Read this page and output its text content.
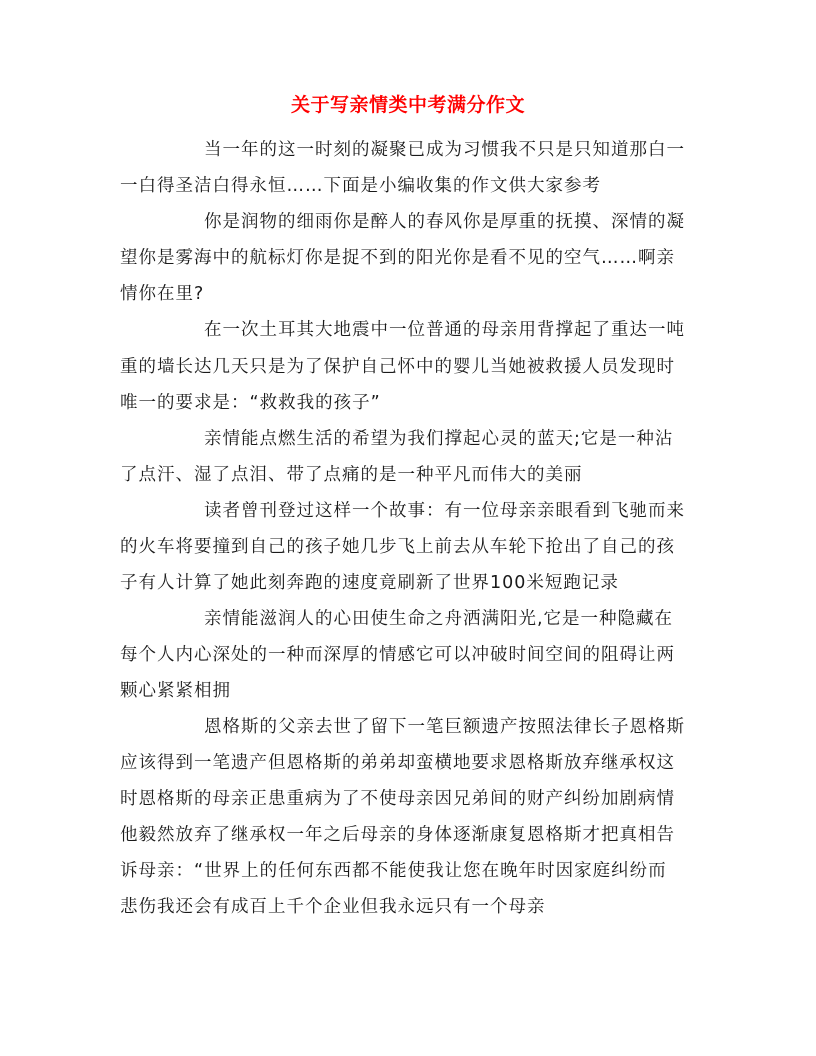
关于写亲情类中考满分作文

当一年的这一时刻的凝聚已成为习惯我不只是只知道那白一

一白得圣洁白得永恒……下面是小编收集的作文供大家参考

你是润物的细雨你是醉人的春风你是厚重的抚摸、深情的凝

望你是雾海中的航标灯你是捉不到的阳光你是看不见的空气……啊亲

情你在里?

在一次土耳其大地震中一位普通的母亲用背撑起了重达一吨

重的墙长达几天只是为了保护自己怀中的婴儿当她被救援人员发现时

唯一的要求是：“救救我的孩子”

亲情能点燃生活的希望为我们撑起心灵的蓝天;它是一种沾

了点汗、湿了点泪、带了点痛的是一种平凡而伟大的美丽

读者曾刊登过这样一个故事：有一位母亲亲眼看到飞驰而来

的火车将要撞到自己的孩子她几步飞上前去从车轮下抢出了自己的孩

子有人计算了她此刻奔跑的速度竟刷新了世界100米短跑记录

亲情能滋润人的心田使生命之舟洒满阳光,它是一种隐藏在

每个人内心深处的一种而深厚的情感它可以冲破时间空间的阻碍让两

颗心紧紧相拥

恩格斯的父亲去世了留下一笔巨额遗产按照法律长子恩格斯

应该得到一笔遗产但恩格斯的弟弟却蛮横地要求恩格斯放弃继承权这

时恩格斯的母亲正患重病为了不使母亲因兄弟间的财产纠纷加剧病情

他毅然放弃了继承权一年之后母亲的身体逐渐康复恩格斯才把真相告

诉母亲：“世界上的任何东西都不能使我让您在晚年时因家庭纠纷而

悲伤我还会有成百上千个企业但我永远只有一个母亲
